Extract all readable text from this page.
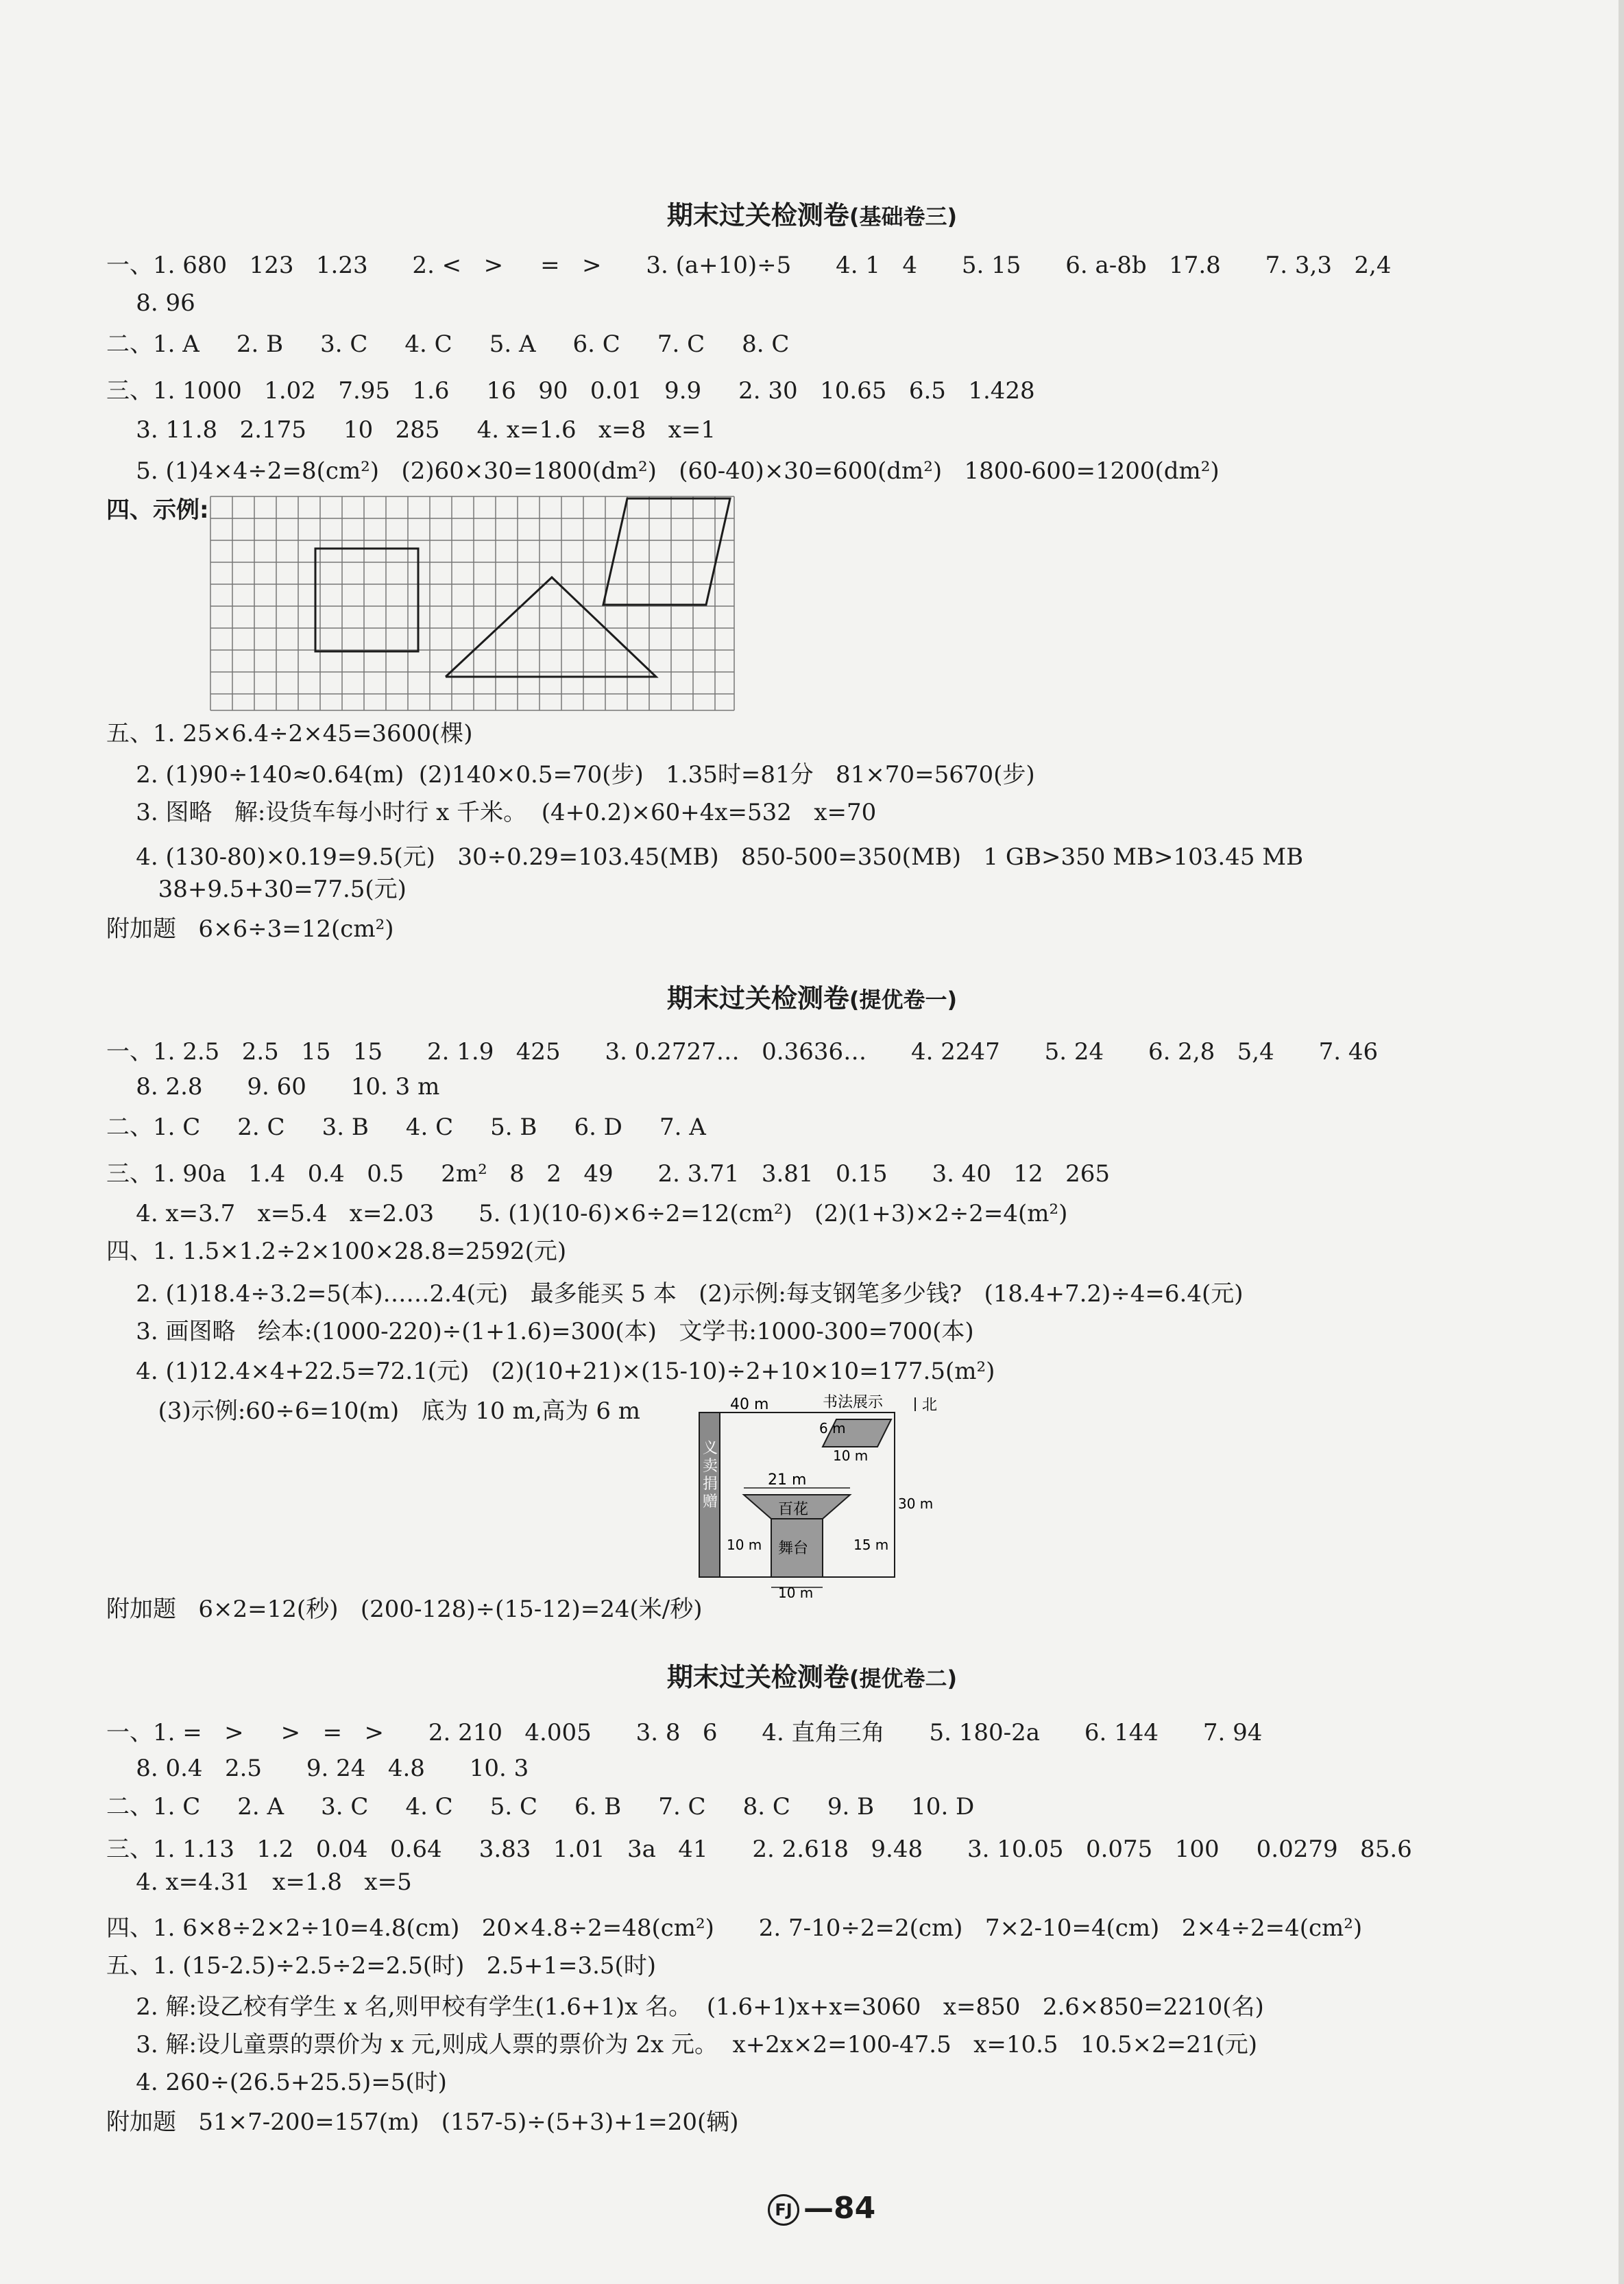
期末过关检测卷(基础卷三)
一、1. 680   123   1.23      2. <   >     =   >      3. (a+10)÷5      4. 1   4      5. 15      6. a-8b   17.8      7. 3,3   2,4
8. 96
二、1. A     2. B     3. C     4. C     5. A     6. C     7. C     8. C
三、1. 1000   1.02   7.95   1.6     16   90   0.01   9.9     2. 30   10.65   6.5   1.428
3. 11.8   2.175     10   285     4. x=1.6   x=8   x=1
5. (1)4×4÷2=8(cm²)   (2)60×30=1800(dm²)   (60-40)×30=600(dm²)   1800-600=1200(dm²)
四、示例:
五、1. 25×6.4÷2×45=3600(棵)
2. (1)90÷140≈0.64(m)  (2)140×0.5=70(步)   1.35时=81分   81×70=5670(步)
3. 图略   解:设货车每小时行 x 千米。  (4+0.2)×60+4x=532   x=70
4. (130-80)×0.19=9.5(元)   30÷0.29=103.45(MB)   850-500=350(MB)   1 GB>350 MB>103.45 MB
38+9.5+30=77.5(元)
附加题   6×6÷3=12(cm²)
期末过关检测卷(提优卷一)
一、1. 2.5   2.5   15   15      2. 1.9   425      3. 0.2727…   0.3636…      4. 2247      5. 24      6. 2,8   5,4      7. 46
8. 2.8      9. 60      10. 3 m
二、1. C     2. C     3. B     4. C     5. B     6. D     7. A
三、1. 90a   1.4   0.4   0.5     2m²   8   2   49      2. 3.71   3.81   0.15      3. 40   12   265
4. x=3.7   x=5.4   x=2.03      5. (1)(10-6)×6÷2=12(cm²)   (2)(1+3)×2÷2=4(m²)
四、1. 1.5×1.2÷2×100×28.8=2592(元)
2. (1)18.4÷3.2=5(本)……2.4(元)   最多能买 5 本   (2)示例:每支钢笔多少钱?   (18.4+7.2)÷4=6.4(元)
3. 画图略   绘本:(1000-220)÷(1+1.6)=300(本)   文学书:1000-300=700(本)
4. (1)12.4×4+22.5=72.1(元)   (2)(10+21)×(15-10)÷2+10×10=177.5(m²)
(3)示例:60÷6=10(m)   底为 10 m,高为 6 m	40 m	书法展示	北
10 m
6 m
21 m
百花
舞台
10 m
30 m
15 m
10 m
义卖捐赠
附加题   6×2=12(秒)   (200-128)÷(15-12)=24(米/秒)
期末过关检测卷(提优卷二)
一、1. =   >     >   =   >      2. 210   4.005      3. 8   6      4. 直角三角      5. 180-2a      6. 144      7. 94
8. 0.4   2.5      9. 24   4.8      10. 3
二、1. C     2. A     3. C     4. C     5. C     6. B     7. C     8. C     9. B     10. D
三、1. 1.13   1.2   0.04   0.64     3.83   1.01   3a   41      2. 2.618   9.48      3. 10.05   0.075   100     0.0279   85.6
4. x=4.31   x=1.8   x=5
四、1. 6×8÷2×2÷10=4.8(cm)   20×4.8÷2=48(cm²)      2. 7-10÷2=2(cm)   7×2-10=4(cm)   2×4÷2=4(cm²)
五、1. (15-2.5)÷2.5÷2=2.5(时)   2.5+1=3.5(时)
2. 解:设乙校有学生 x 名,则甲校有学生(1.6+1)x 名。  (1.6+1)x+x=3060   x=850   2.6×850=2210(名)
3. 解:设儿童票的票价为 x 元,则成人票的票价为 2x 元。  x+2x×2=100-47.5   x=10.5   10.5×2=21(元)
4. 260÷(26.5+25.5)=5(时)
附加题   51×7-200=157(m)   (157-5)÷(5+3)+1=20(辆)
FJ —84
